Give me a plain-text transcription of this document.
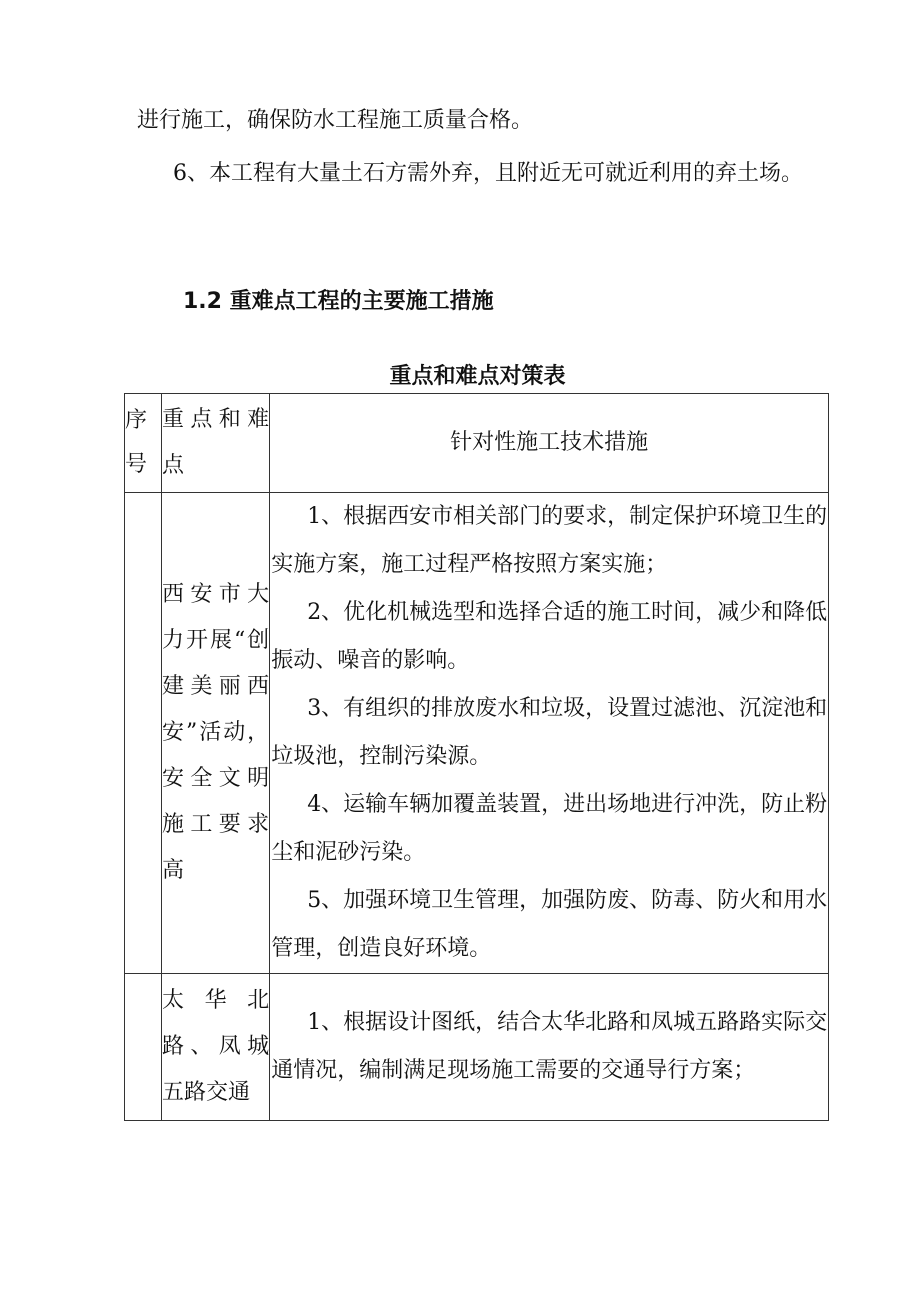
进行施工，确保防水工程施工质量合格。

6、本工程有大量土石方需外弃，且附近无可就近利用的弃土场。

1.2 重难点工程的主要施工措施
重点和难点对策表
序号	重点和难点	针对性施工技术措施
	西安市大力开展“创建美丽西安”活动，安全文明施工要求高	1、根据西安市相关部门的要求，制定保护环境卫生的实施方案，施工过程严格按照方案实施；

2、优化机械选型和选择合适的施工时间，减少和降低振动、噪音的影响。

3、有组织的排放废水和垃圾，设置过滤池、沉淀池和垃圾池，控制污染源。

4、运输车辆加覆盖装置，进出场地进行冲洗，防止粉尘和泥砂污染。

5、加强环境卫生管理，加强防废、防毒、防火和用水管理，创造良好环境。

	太华北路、凤城五路交通	1、根据设计图纸，结合太华北路和凤城五路路实际交通情况，编制满足现场施工需要的交通导行方案；
